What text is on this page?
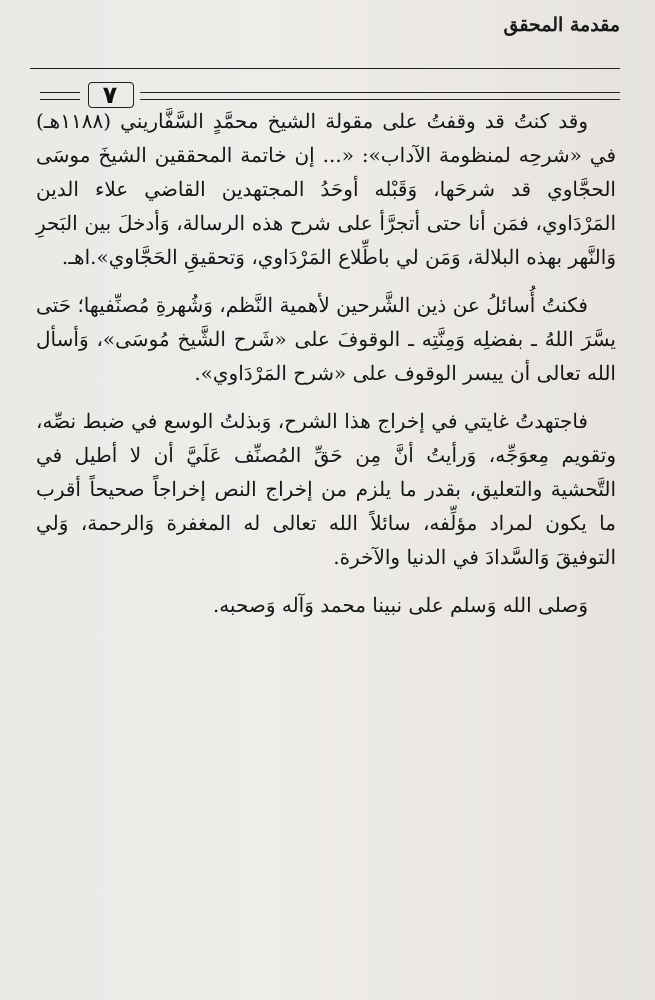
مقدمة المحقق
٧

وقد كنتُ قد وقفتُ على مقولة الشيخ محمَّدٍ السَّفَّاريني (١١٨٨هـ) في «شرحِه لمنظومة الآداب»: «... إن خاتمة المحققين الشيخَ موسَى الحجَّاوي قد شرحَها، وَقَبْله أوحَدُ المجتهدين القاضي علاء الدين المَرْدَاوي، فمَن أنا حتى أتجرَّأ على شرح هذه الرسالة، وَأدخلَ بين البَحرِ وَالنَّهر بهذه البلالة، وَمَن لي باطِّلاع المَرْدَاوي، وَتحقيقِ الحَجَّاوي».اهـ.

فكنتُ أُسائلُ عن ذين الشَّرحين لأهمية النَّظم، وَشُهرةِ مُصنِّفيها؛ حَتى يسَّرَ اللهُ ـ بفضلِه وَمِنَّتِه ـ الوقوفَ على «شَرح الشَّيخ مُوسَى»، وَأسأل الله تعالى أن ييسر الوقوف على «شرح المَرْدَاوي».

فاجتهدتُ غايتي في إخراج هذا الشرح، وَبذلتُ الوسع في ضبط نصِّه، وتقويم مِعوَجِّه، وَرأيتُ أنَّ مِن حَقِّ المُصنِّف عَلَيَّ أن لا أطيل في التَّحشية والتعليق، بقدر ما يلزم من إخراج النص إخراجاً صحيحاً أقرب ما يكون لمراد مؤلِّفه، سائلاً الله تعالى له المغفرة وَالرحمة، وَلي التوفيقَ وَالسَّدادَ في الدنيا والآخرة.

وَصلى الله وَسلم على نبينا محمد وَآله وَصحبه.
